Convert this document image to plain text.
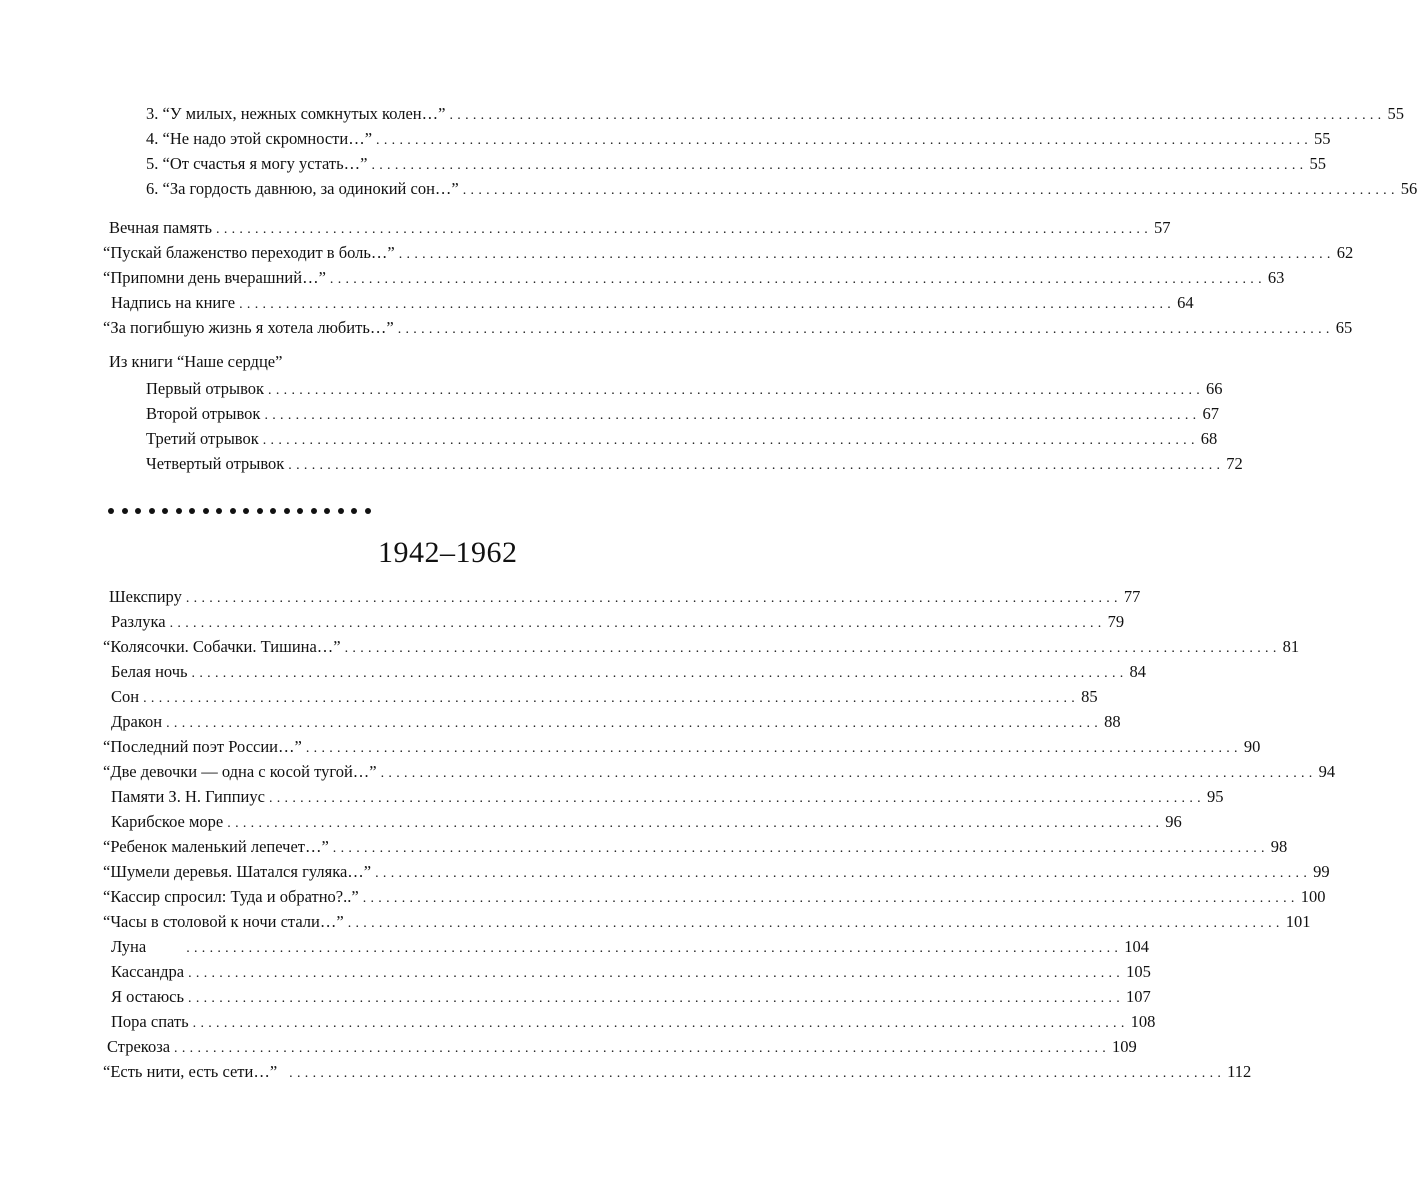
3. “У милых, нежных сомкнутых колен…” ........................................................................................................................ 55
4. “Не надо этой скромности…” ........................................................................................................................ 55
5. “От счастья я могу устать…” ........................................................................................................................ 55
6. “За гордость давнюю, за одинокий сон…” ........................................................................................................................ 56
Вечная память ........................................................................................................................ 57
“Пускай блаженство переходит в боль…” ........................................................................................................................ 62
“Припомни день вчерашний…” ........................................................................................................................ 63
Надпись на книге ........................................................................................................................ 64
“За погибшую жизнь я хотела любить…” ........................................................................................................................ 65
Из книги “Наше сердце”
Первый отрывок ........................................................................................................................ 66
Второй отрывок ........................................................................................................................ 67
Третий отрывок ........................................................................................................................ 68
Четвертый отрывок ........................................................................................................................ 72
1942–1962
Шекспиру ........................................................................................................................ 77
Разлука ........................................................................................................................ 79
“Колясочки. Собачки. Тишина…” ........................................................................................................................ 81
Белая ночь ........................................................................................................................ 84
Сон ........................................................................................................................ 85
Дракон ........................................................................................................................ 88
“Последний поэт России…” ........................................................................................................................ 90
“Две девочки — одна с косой тугой…” ........................................................................................................................ 94
Памяти З. Н. Гиппиус ........................................................................................................................ 95
Карибское море ........................................................................................................................ 96
“Ребенок маленький лепечет…” ........................................................................................................................ 98
“Шумели деревья. Шатался гуляка…” ........................................................................................................................ 99
“Кассир спросил: Туда и обратно?..” ........................................................................................................................ 100
“Часы в столовой к ночи стали…” ........................................................................................................................ 101
Луна	........................................................................................................................ 104
Кассандра ........................................................................................................................ 105
Я остаюсь ........................................................................................................................ 107
Пора спать ........................................................................................................................ 108
Стрекоза ........................................................................................................................ 109
“Есть нити, есть сети…” ........................................................................................................................ 112
